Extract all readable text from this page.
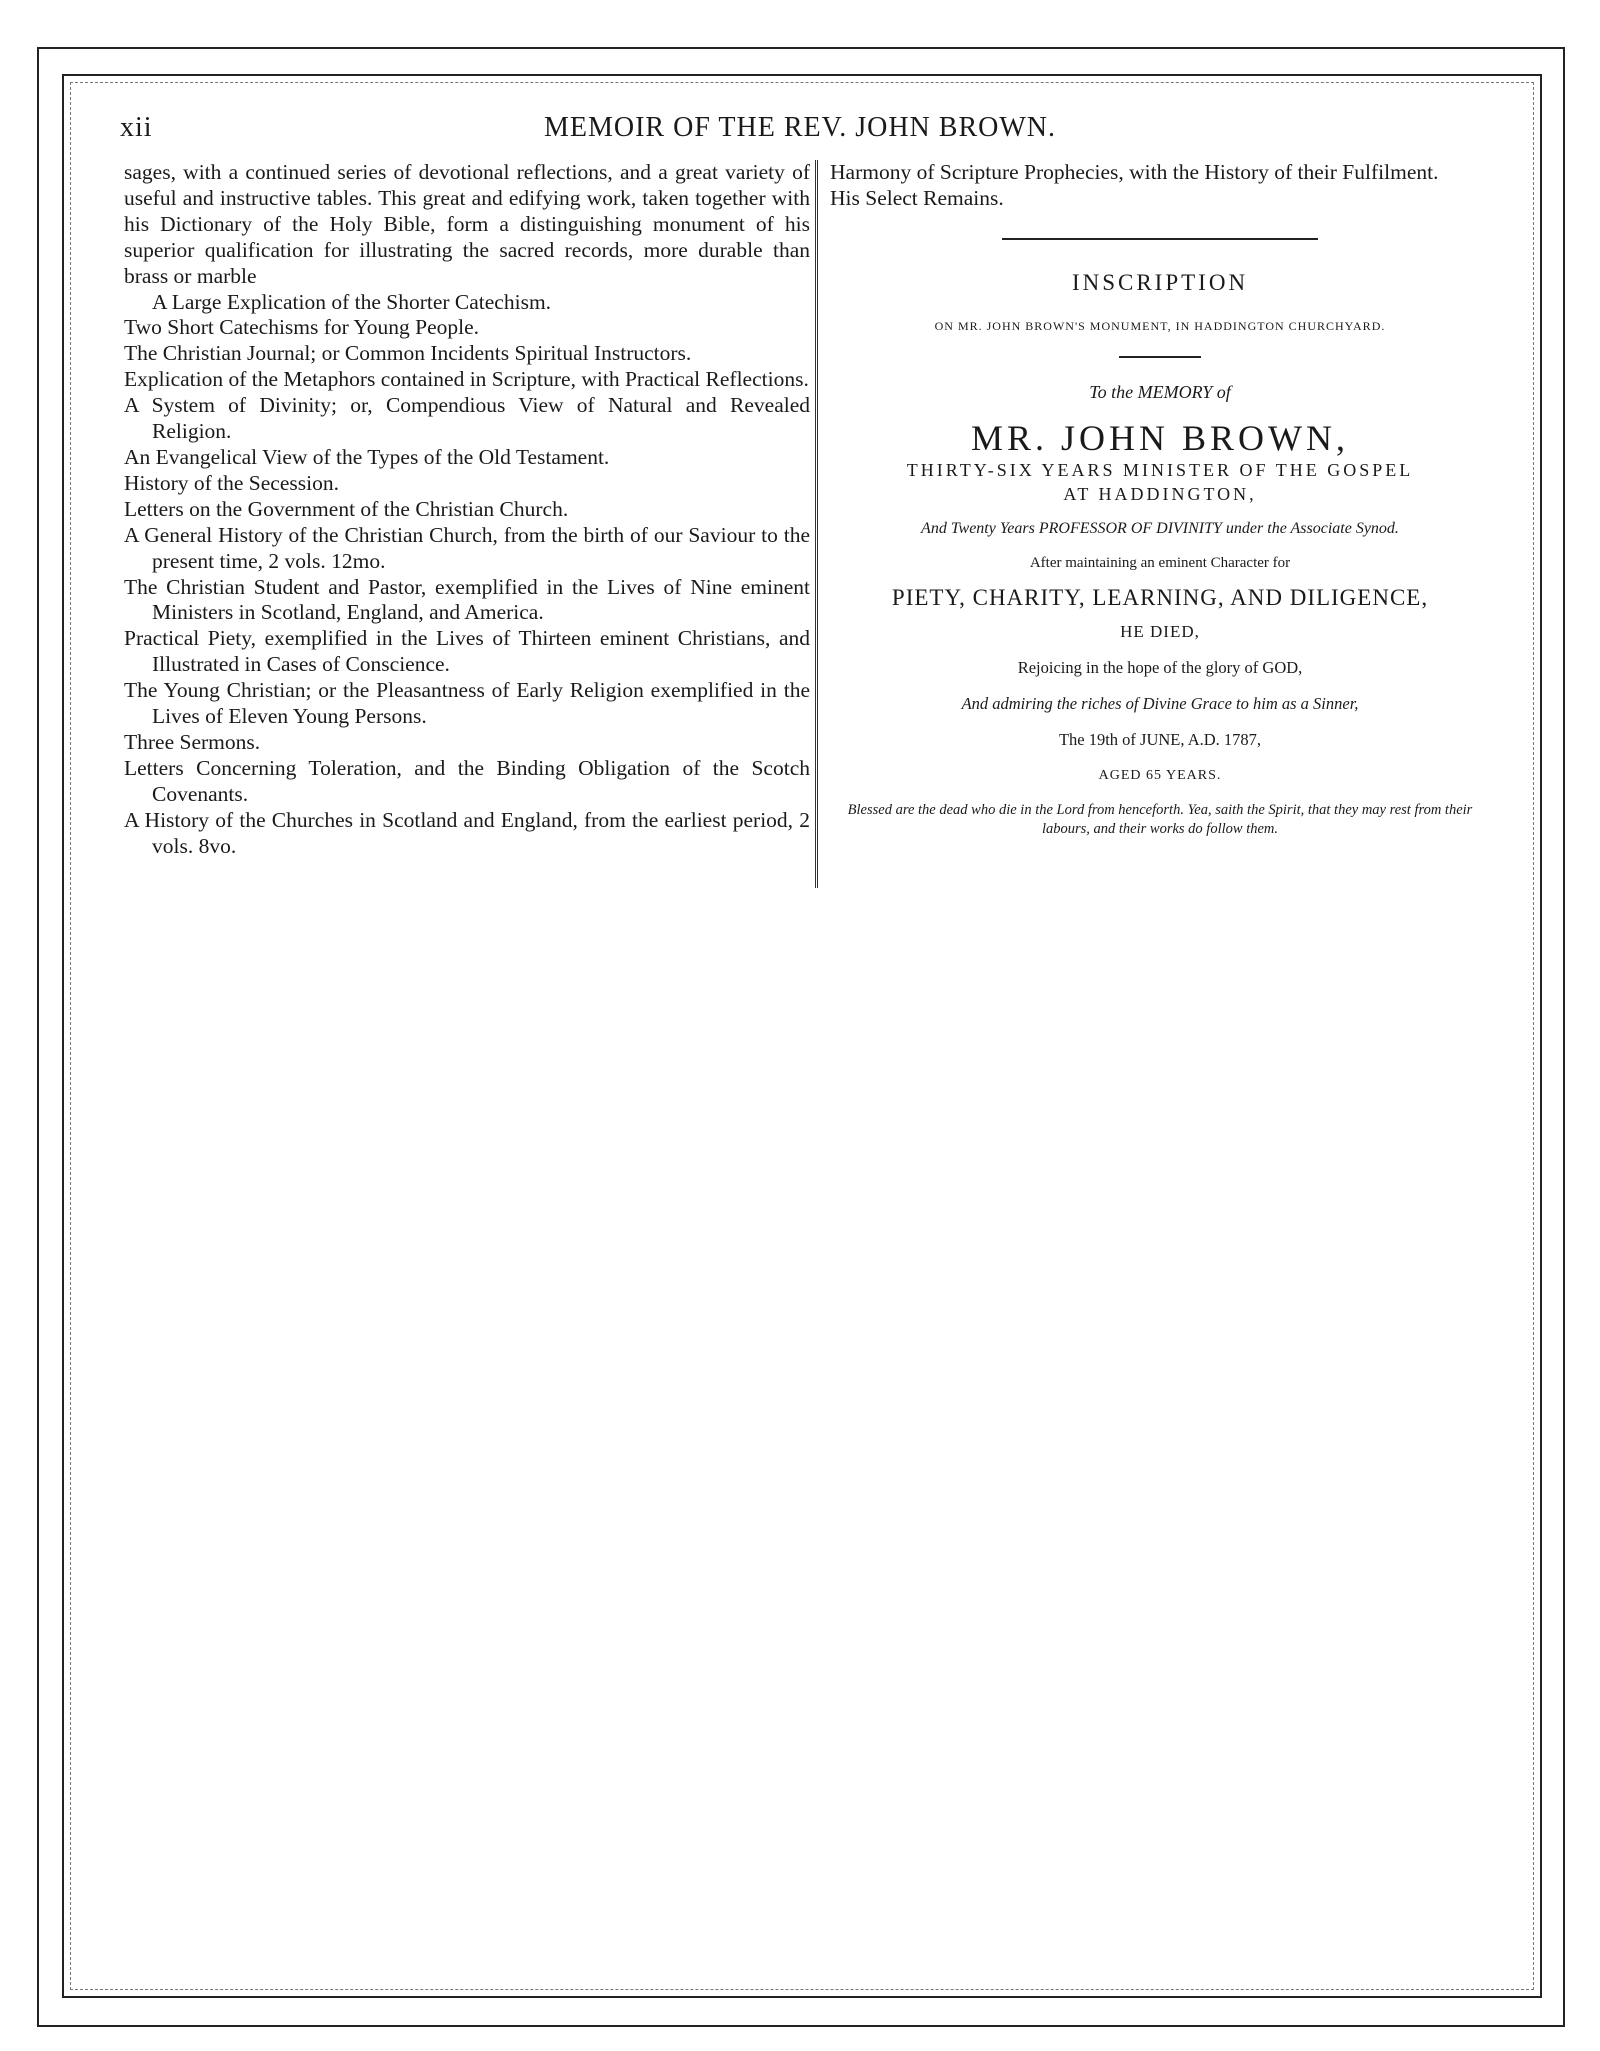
xii	MEMOIR OF THE REV. JOHN BROWN.
sages, with a continued series of devotional reflections, and a great variety of useful and instructive tables. This great and edifying work, taken together with his Dictionary of the Holy Bible, form a distinguishing monument of his superior qualification for illustrating the sacred records, more durable than brass or marble
A Large Explication of the Shorter Catechism.
Two Short Catechisms for Young People.
The Christian Journal; or Common Incidents Spiritual Instructors.
Explication of the Metaphors contained in Scripture, with Practical Reflections.
A System of Divinity; or, Compendious View of Natural and Revealed Religion.
An Evangelical View of the Types of the Old Testament.
History of the Secession.
Letters on the Government of the Christian Church.
A General History of the Christian Church, from the birth of our Saviour to the present time, 2 vols. 12mo.
The Christian Student and Pastor, exemplified in the Lives of Nine eminent Ministers in Scotland, England, and America.
Practical Piety, exemplified in the Lives of Thirteen eminent Christians, and Illustrated in Cases of Conscience.
The Young Christian; or the Pleasantness of Early Religion exemplified in the Lives of Eleven Young Persons.
Three Sermons.
Letters Concerning Toleration, and the Binding Obligation of the Scotch Covenants.
A History of the Churches in Scotland and England, from the earliest period, 2 vols. 8vo.
Harmony of Scripture Prophecies, with the History of their Fulfilment.
His Select Remains.
INSCRIPTION
ON MR. JOHN BROWN'S MONUMENT, IN HADDINGTON CHURCHYARD.
To the MEMORY of
MR. JOHN BROWN,
THIRTY-SIX YEARS MINISTER OF THE GOSPEL
AT HADDINGTON,
And Twenty Years PROFESSOR OF DIVINITY under the Associate Synod.
After maintaining an eminent Character for
PIETY, CHARITY, LEARNING, AND DILIGENCE,
HE DIED,
Rejoicing in the hope of the glory of GOD,
And admiring the riches of Divine Grace to him as a Sinner,
The 19th of JUNE, A.D. 1787,
AGED 65 YEARS.
Blessed are the dead who die in the Lord from henceforth. Yea, saith the Spirit, that they may rest from their labours, and their works do follow them.
